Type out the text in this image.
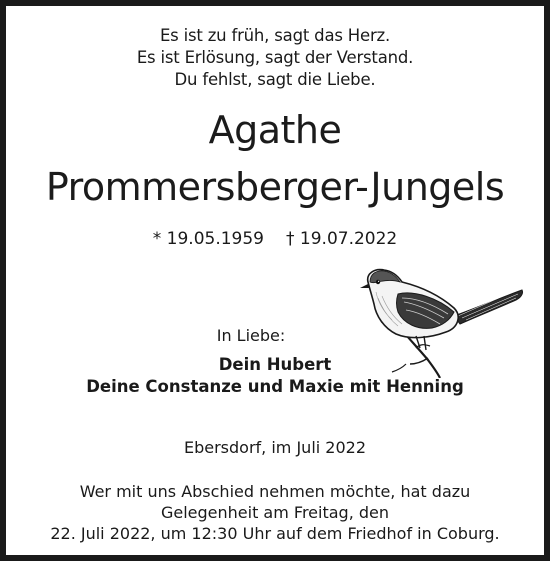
Es ist zu früh, sagt das Herz.
Es ist Erlösung, sagt der Verstand.
Du fehlst, sagt die Liebe.
Agathe
Prommersberger-Jungels
* 19.05.1959 † 19.07.2022
In Liebe:
Dein Hubert
Deine Constanze und Maxie mit Henning
Ebersdorf, im Juli 2022
Wer mit uns Abschied nehmen möchte, hat dazu
Gelegenheit am Freitag, den
22. Juli 2022, um 12:30 Uhr auf dem Friedhof in Coburg.
